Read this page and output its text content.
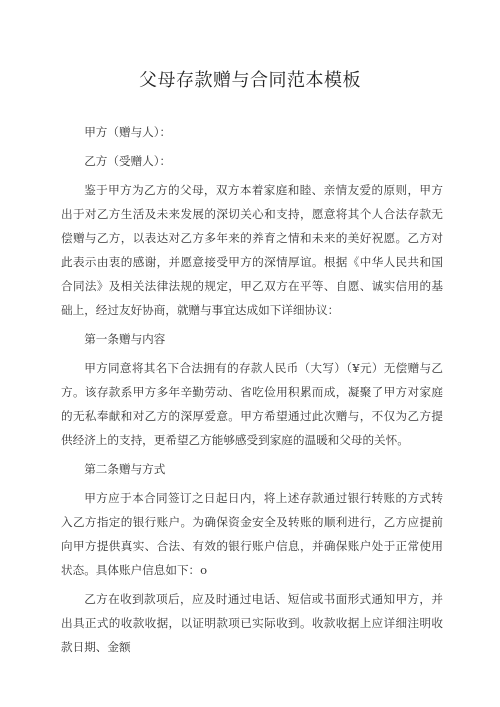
父母存款赠与合同范本模板

甲方（赠与人）：

乙方（受赠人）：

鉴于甲方为乙方的父母，双方本着家庭和睦、亲情友爱的原则，甲方出于对乙方生活及未来发展的深切关心和支持，愿意将其个人合法存款无偿赠与乙方，以表达对乙方多年来的养育之情和未来的美好祝愿。乙方对此表示由衷的感谢，并愿意接受甲方的深情厚谊。根据《中华人民共和国合同法》及相关法律法规的规定，甲乙双方在平等、自愿、诚实信用的基础上，经过友好协商，就赠与事宜达成如下详细协议：

第一条赠与内容

甲方同意将其名下合法拥有的存款人民币（大写）（¥元）无偿赠与乙方。该存款系甲方多年辛勤劳动、省吃俭用积累而成，凝聚了甲方对家庭的无私奉献和对乙方的深厚爱意。甲方希望通过此次赠与，不仅为乙方提供经济上的支持，更希望乙方能够感受到家庭的温暖和父母的关怀。

第二条赠与方式

甲方应于本合同签订之日起日内，将上述存款通过银行转账的方式转入乙方指定的银行账户。为确保资金安全及转账的顺利进行，乙方应提前向甲方提供真实、合法、有效的银行账户信息，并确保账户处于正常使用状态。具体账户信息如下：o

乙方在收到款项后，应及时通过电话、短信或书面形式通知甲方，并出具正式的收款收据，以证明款项已实际收到。收款收据上应详细注明收款日期、金额
